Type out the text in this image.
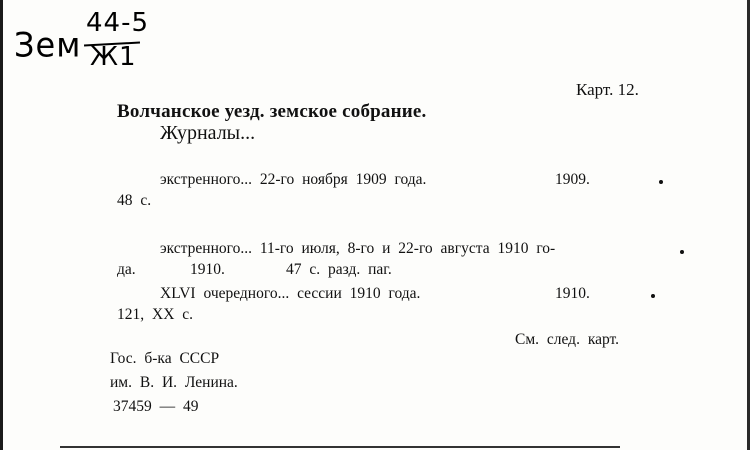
Зем
44-5
Ж1
Карт. 12.
Волчанское уезд. земское собрание.
Журналы...
экстренного... 22-го ноября 1909 года.	1909.
48 с.
экстренного... 11-го июля, 8-го и 22-го августа 1910 го-
да.	1910.	47 с. разд. паг.
XLVI очередного... сессии 1910 года.	1910.
121, XX с.
См. след. карт.
Гос. б-ка СССР
им. В. И. Ленина.
37459 — 49
